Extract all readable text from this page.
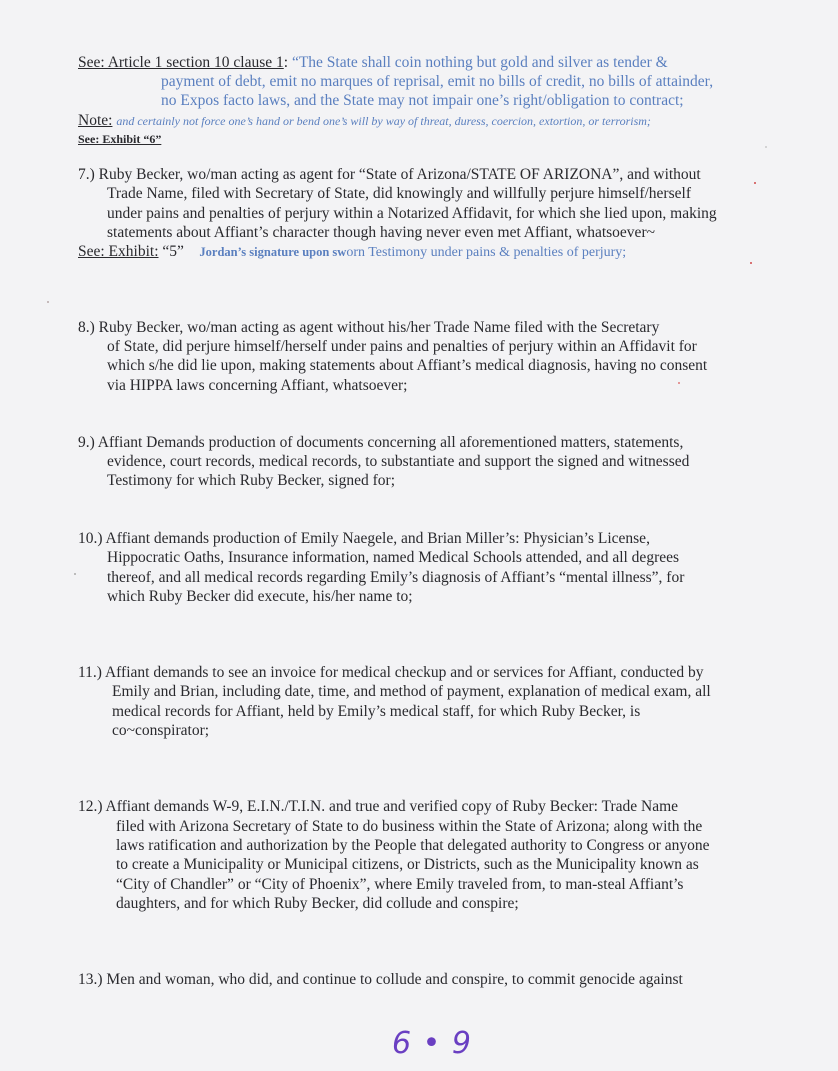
See: Article 1 section 10 clause 1: “The State shall coin nothing but gold and silver as tender &
payment of debt, emit no marques of reprisal, emit no bills of credit, no bills of attainder,
no Expos facto laws, and the State may not impair one’s right/obligation to contract;
Note: and certainly not force one’s hand or bend one’s will by way of threat, duress, coercion, extortion, or terrorism;
See: Exhibit “6”
7.) Ruby Becker, wo/man acting as agent for “State of Arizona/STATE OF ARIZONA”, and without
Trade Name, filed with Secretary of State, did knowingly and willfully perjure himself/herself
under pains and penalties of perjury within a Notarized Affidavit, for which she lied upon, making
statements about Affiant’s character though having never even met Affiant, whatsoever~
See: Exhibit: “5” Jordan’s signature upon sworn Testimony under pains & penalties of perjury;
8.) Ruby Becker, wo/man acting as agent without his/her Trade Name filed with the Secretary
of State, did perjure himself/herself under pains and penalties of perjury within an Affidavit for
which s/he did lie upon, making statements about Affiant’s medical diagnosis, having no consent
via HIPPA laws concerning Affiant, whatsoever;
9.) Affiant Demands production of documents concerning all aforementioned matters, statements,
evidence, court records, medical records, to substantiate and support the signed and witnessed
Testimony for which Ruby Becker, signed for;
10.) Affiant demands production of Emily Naegele, and Brian Miller’s: Physician’s License,
Hippocratic Oaths, Insurance information, named Medical Schools attended, and all degrees
thereof, and all medical records regarding Emily’s diagnosis of Affiant’s “mental illness”, for
which Ruby Becker did execute, his/her name to;
11.) Affiant demands to see an invoice for medical checkup and or services for Affiant, conducted by
Emily and Brian, including date, time, and method of payment, explanation of medical exam, all
medical records for Affiant, held by Emily’s medical staff, for which Ruby Becker, is
co~conspirator;
12.) Affiant demands W-9, E.I.N./T.I.N. and true and verified copy of Ruby Becker: Trade Name
filed with Arizona Secretary of State to do business within the State of Arizona; along with the
laws ratification and authorization by the People that delegated authority to Congress or anyone
to create a Municipality or Municipal citizens, or Districts, such as the Municipality known as
“City of Chandler” or “City of Phoenix”, where Emily traveled from, to man-steal Affiant’s
daughters, and for which Ruby Becker, did collude and conspire;
13.) Men and woman, who did, and continue to collude and conspire, to commit genocide against
6 • 9
